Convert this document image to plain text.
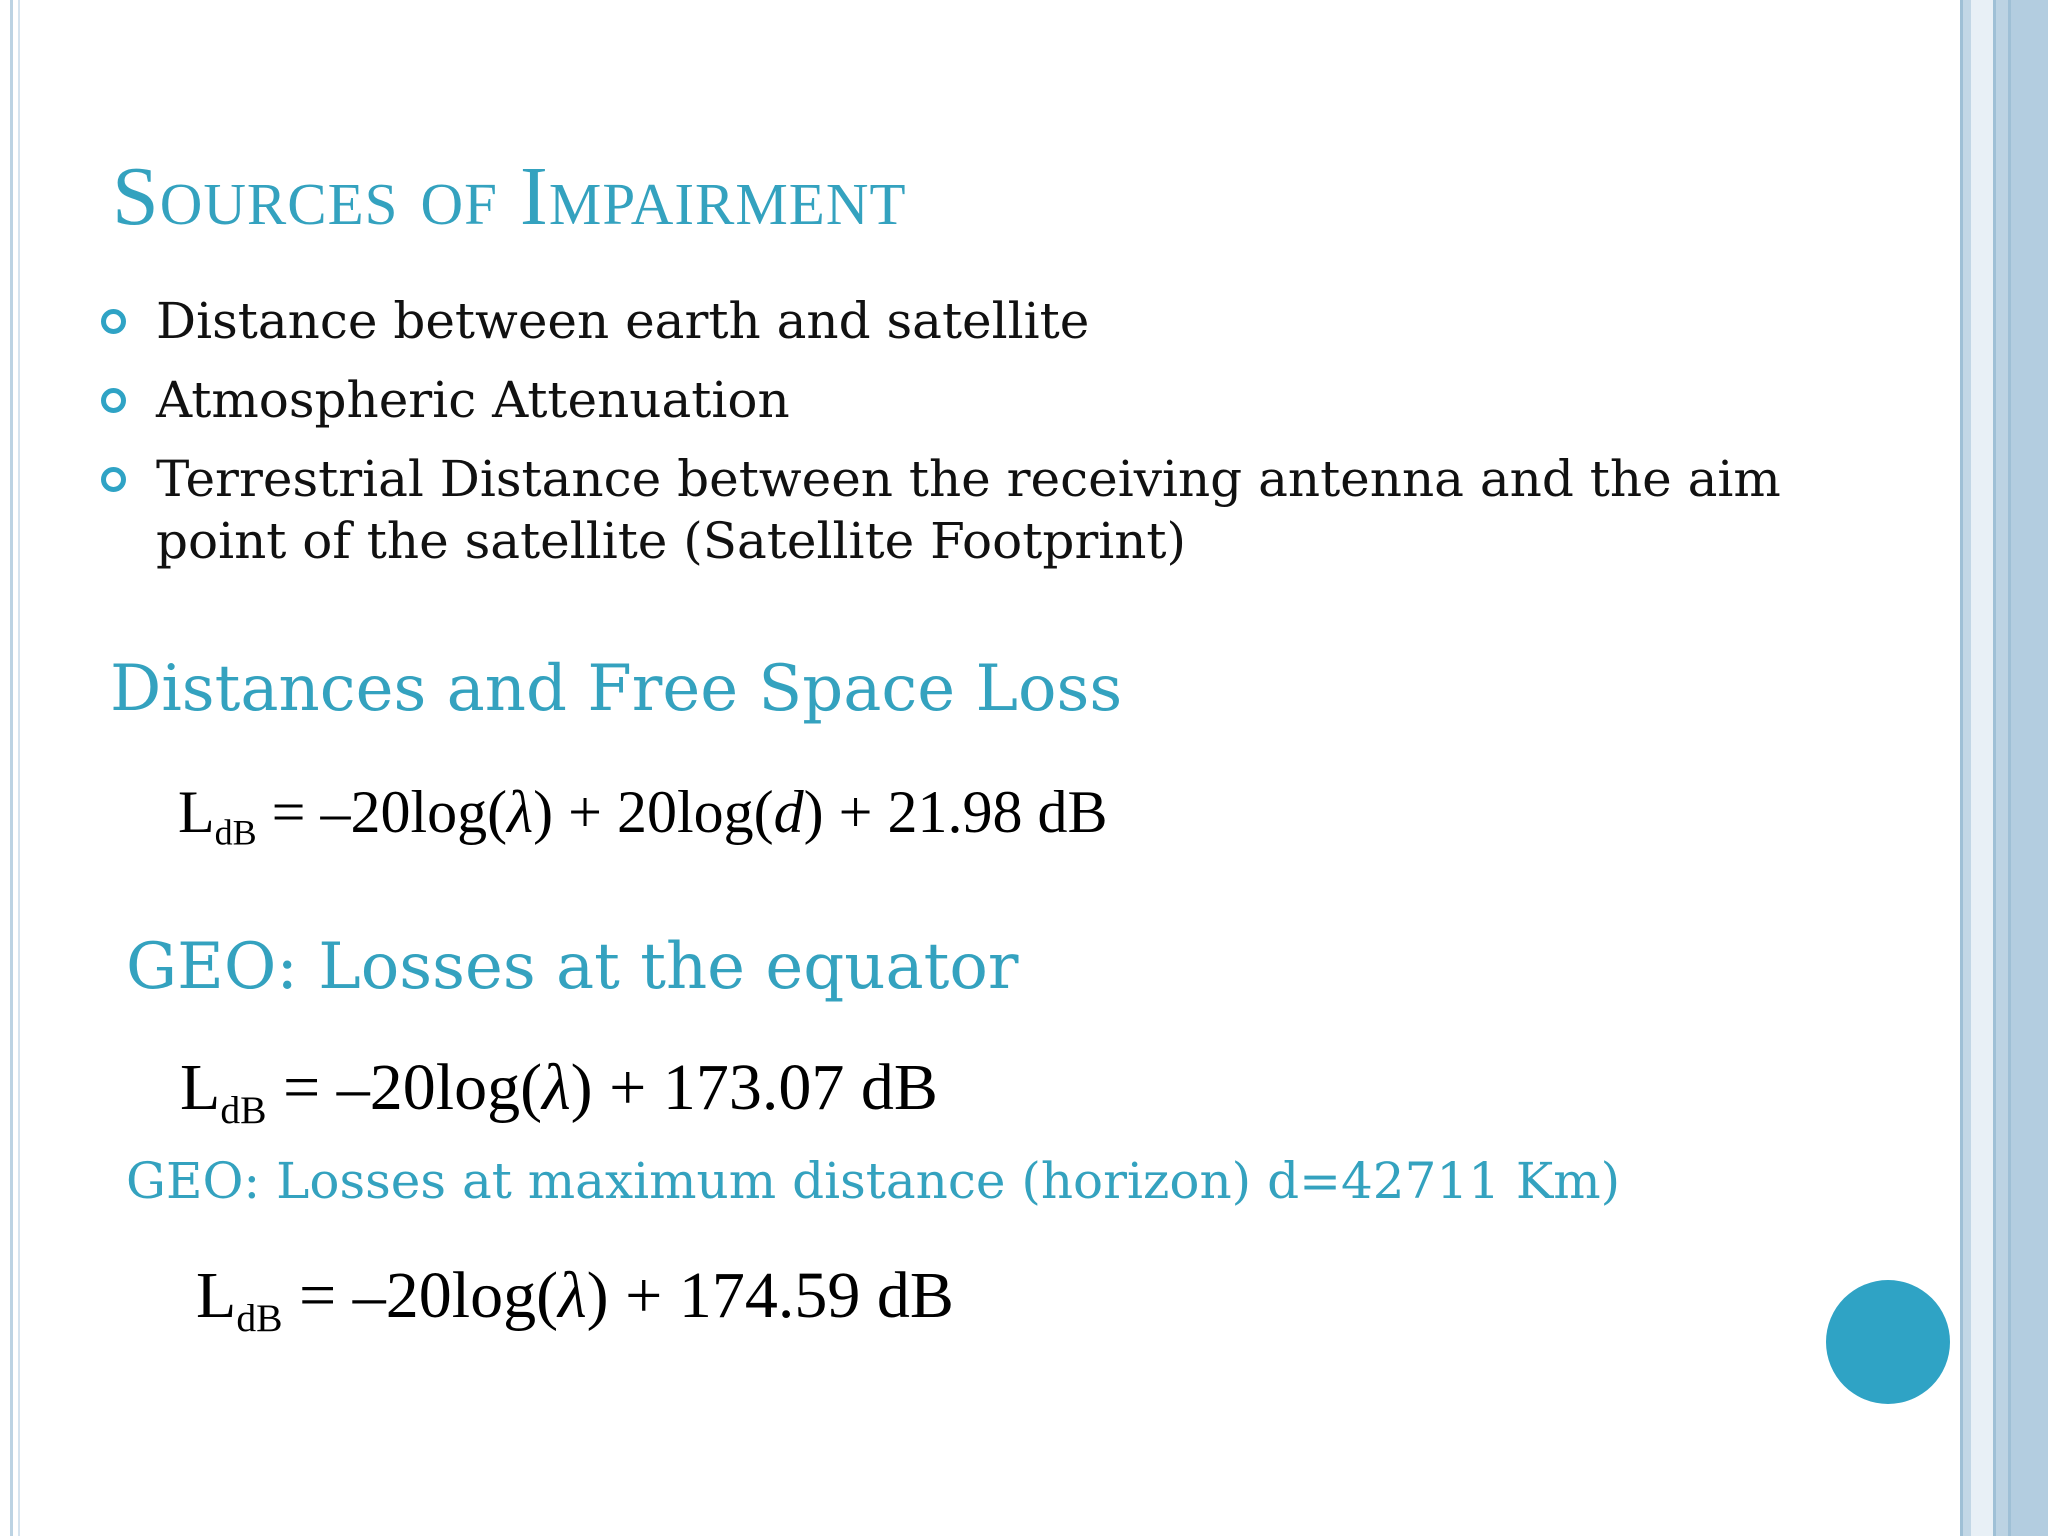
Sources of Impairment
Distance between earth and satellite
Atmospheric Attenuation
Terrestrial Distance between the receiving antenna and the aim point of the satellite (Satellite Footprint)
Distances and Free Space Loss
$L_{dB} = -20\log(\lambda) + 20\log(d) + 21.98$ dB
GEO: Losses at the equator
$L_{dB} = -20\log(\lambda) + 173.07$ dB
GEO: Losses at maximum distance (horizon) d=42711 Km)
$L_{dB} = -20\log(\lambda) + 174.59$ dB
